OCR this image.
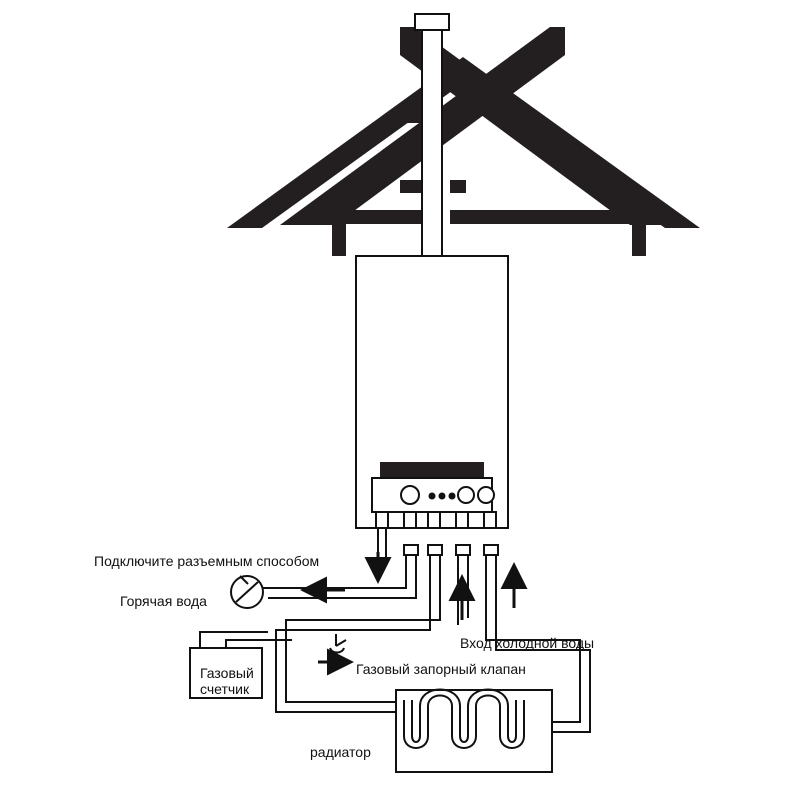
Подключите разъемным способом
Горячая вода
Вход холодной воды
Газовый запорный клапан
Газовый счетчик
радиатор
